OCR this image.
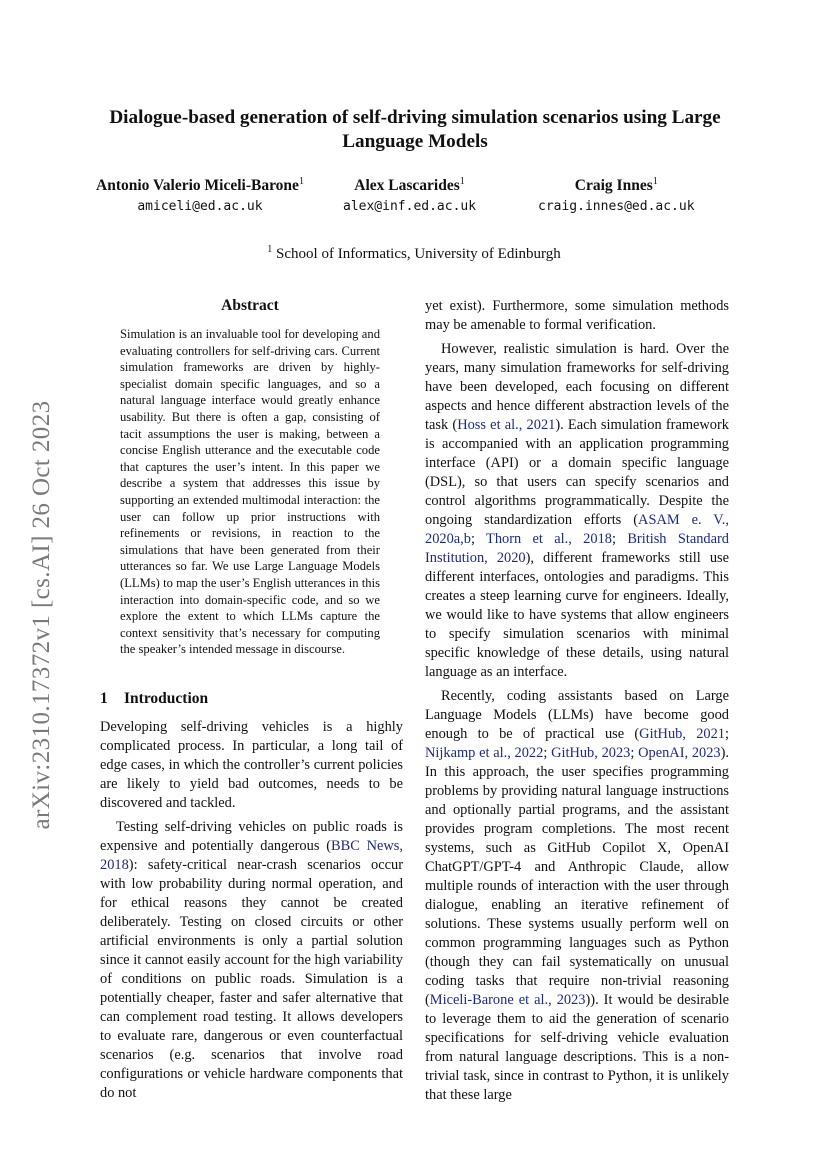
arXiv:2310.17372v1 [cs.AI] 26 Oct 2023
Dialogue-based generation of self-driving simulation scenarios using Large Language Models
Antonio Valerio Miceli-Barone$^1$
amiceli@ed.ac.uk
Alex Lascarides$^1$
alex@inf.ed.ac.uk
Craig Innes$^1$
craig.innes@ed.ac.uk
$^1$ School of Informatics, University of Edinburgh
Abstract
Simulation is an invaluable tool for developing and evaluating controllers for self-driving cars. Current simulation frameworks are driven by highly-specialist domain specific languages, and so a natural language interface would greatly enhance usability. But there is often a gap, consisting of tacit assumptions the user is making, between a concise English utterance and the executable code that captures the user’s intent. In this paper we describe a system that addresses this issue by supporting an extended multimodal interaction: the user can follow up prior instructions with refinements or revisions, in reaction to the simulations that have been generated from their utterances so far. We use Large Language Models (LLMs) to map the user’s English utterances in this interaction into domain-specific code, and so we explore the extent to which LLMs capture the context sensitivity that’s necessary for computing the speaker’s intended message in discourse.
1 Introduction

Developing self-driving vehicles is a highly complicated process. In particular, a long tail of edge cases, in which the controller’s current policies are likely to yield bad outcomes, needs to be discovered and tackled.

Testing self-driving vehicles on public roads is expensive and potentially dangerous (BBC News, 2018): safety-critical near-crash scenarios occur with low probability during normal operation, and for ethical reasons they cannot be created deliberately. Testing on closed circuits or other artificial environments is only a partial solution since it cannot easily account for the high variability of conditions on public roads. Simulation is a potentially cheaper, faster and safer alternative that can complement road testing. It allows developers to evaluate rare, dangerous or even counterfactual scenarios (e.g. scenarios that involve road configurations or vehicle hardware components that do not

yet exist). Furthermore, some simulation methods may be amenable to formal verification.

However, realistic simulation is hard. Over the years, many simulation frameworks for self-driving have been developed, each focusing on different aspects and hence different abstraction levels of the task (Hoss et al., 2021). Each simulation framework is accompanied with an application programming interface (API) or a domain specific language (DSL), so that users can specify scenarios and control algorithms programmatically. Despite the ongoing standardization efforts (ASAM e. V., 2020a,b; Thorn et al., 2018; British Standard Institution, 2020), different frameworks still use different interfaces, ontologies and paradigms. This creates a steep learning curve for engineers. Ideally, we would like to have systems that allow engineers to specify simulation scenarios with minimal specific knowledge of these details, using natural language as an interface.

Recently, coding assistants based on Large Language Models (LLMs) have become good enough to be of practical use (GitHub, 2021; Nijkamp et al., 2022; GitHub, 2023; OpenAI, 2023). In this approach, the user specifies programming problems by providing natural language instructions and optionally partial programs, and the assistant provides program completions. The most recent systems, such as GitHub Copilot X, OpenAI ChatGPT/GPT-4 and Anthropic Claude, allow multiple rounds of interaction with the user through dialogue, enabling an iterative refinement of solutions. These systems usually perform well on common programming languages such as Python (though they can fail systematically on unusual coding tasks that require non-trivial reasoning (Miceli-Barone et al., 2023)). It would be desirable to leverage them to aid the generation of scenario specifications for self-driving vehicle evaluation from natural language descriptions. This is a non-trivial task, since in contrast to Python, it is unlikely that these large
